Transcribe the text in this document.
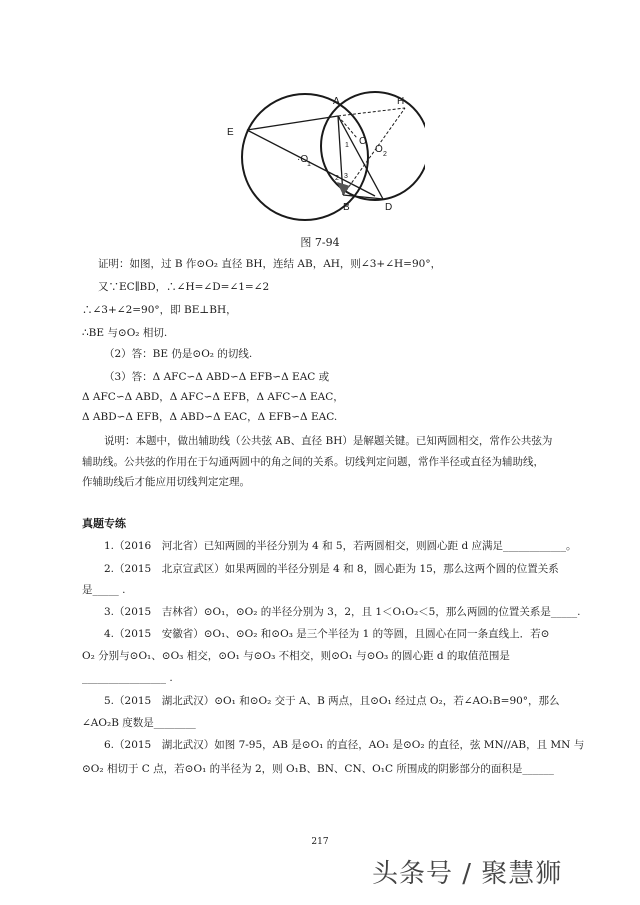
A	H
E
C
·O
1
O 2
B	D
1
2 3
图 7-94
证明：如图，过 B 作⊙O₂ 直径 BH，连结 AB，AH，则∠3+∠H=90°，
又∵EC∥BD，∴∠H=∠D=∠1=∠2
∴∠3+∠2=90°，即 BE⊥BH，
∴BE 与⊙O₂ 相切.
（2）答：BE 仍是⊙O₂ 的切线.
（3）答：Δ AFC∽Δ ABD∽Δ EFB∽Δ EAC 或
Δ AFC∽Δ ABD，Δ AFC∽Δ EFB，Δ AFC∽Δ EAC，
Δ ABD∽Δ EFB，Δ ABD∽Δ EAC，Δ EFB∽Δ EAC.
说明：本题中，做出辅助线（公共弦 AB、直径 BH）是解题关键。已知两圆相交，常作公共弦为
辅助线。公共弦的作用在于勾通两圆中的角之间的关系。切线判定问题，常作半径或直径为辅助线，
作辅助线后才能应用切线判定定理。
真题专练
1.（2016　河北省）已知两圆的半径分别为 4 和 5，若两圆相交，则圆心距 d 应满足____________。
2.（2015　北京宣武区）如果两圆的半径分别是 4 和 8，圆心距为 15，那么这两个圆的位置关系
是_____ .
3.（2015　吉林省）⊙O₁，⊙O₂ 的半径分别为 3，2，且 1＜O₁O₂＜5，那么两圆的位置关系是_____.
4.（2015　安徽省）⊙O₁、⊙O₂ 和⊙O₃ 是三个半径为 1 的等圆，且圆心在同一条直线上．若⊙
O₂ 分别与⊙O₁、⊙O₃ 相交，⊙O₁ 与⊙O₃ 不相交，则⊙O₁ 与⊙O₃ 的圆心距 d 的取值范围是
________________ .
5.（2015　湖北武汉）⊙O₁ 和⊙O₂ 交于 A、B 两点，且⊙O₁ 经过点 O₂，若∠AO₁B=90°，那么
∠AO₂B 度数是________
6.（2015　湖北武汉）如图 7-95，AB 是⊙O₁ 的直径，AO₁ 是⊙O₂ 的直径，弦 MN//AB，且 MN 与
⊙O₂ 相切于 C 点，若⊙O₁ 的半径为 2，则 O₁B、BN、CN、O₁C 所围成的阴影部分的面积是______
217
头条号 / 聚慧狮
